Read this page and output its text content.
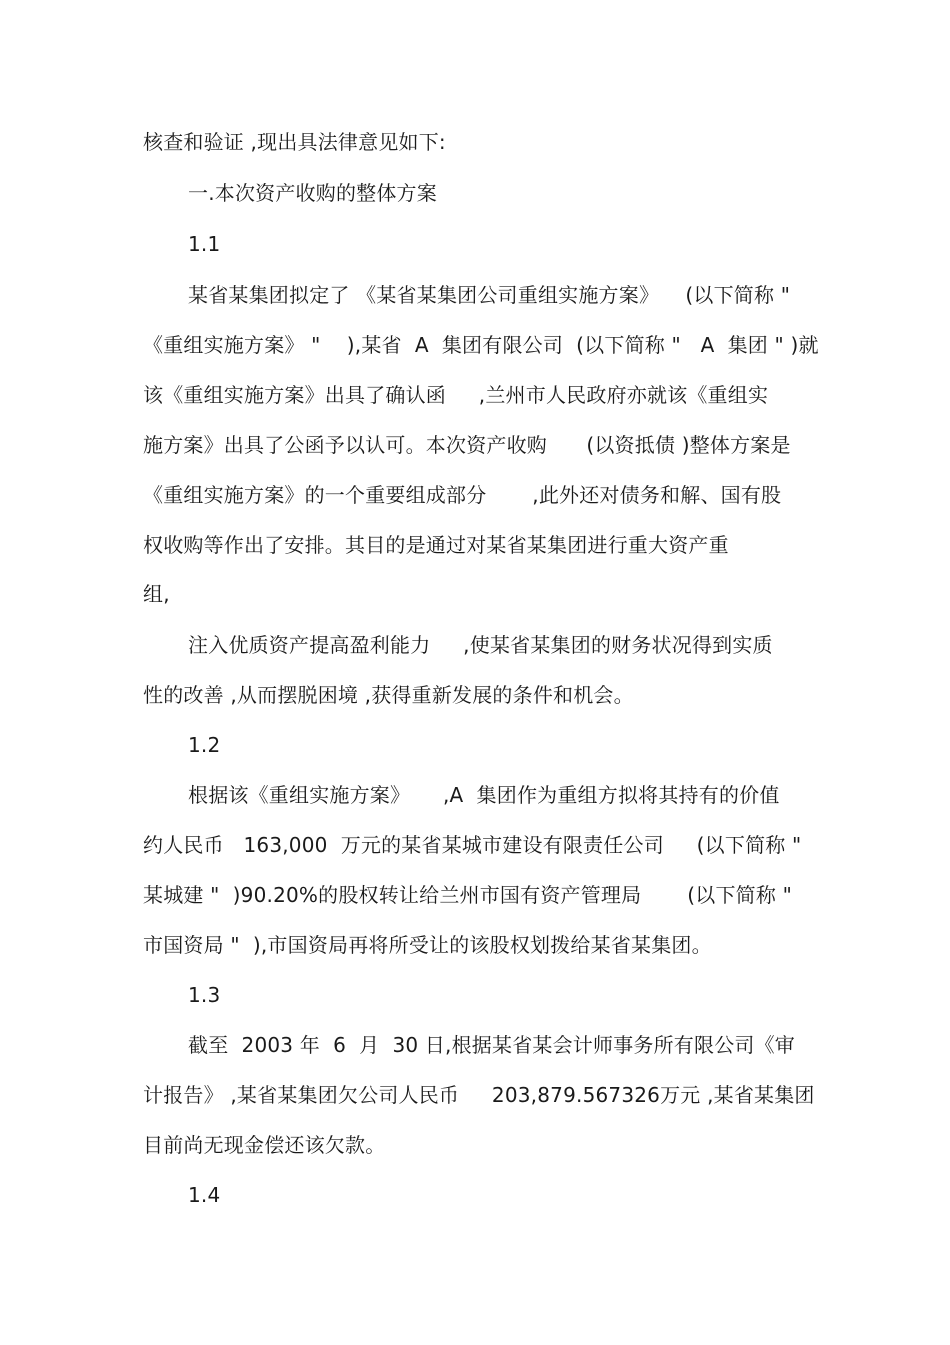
核查和验证 ,现出具法律意见如下:
一.本次资产收购的整体方案
1.1
某省某集团拟定了 《某省某集团公司重组实施方案》    (以下简称 "
《重组实施方案》 "    ),某省  A  集团有限公司  (以下简称 "   A  集团 " )就
该《重组实施方案》出具了确认函     ,兰州市人民政府亦就该《重组实
施方案》出具了公函予以认可。本次资产收购      (以资抵债 )整体方案是
《重组实施方案》的一个重要组成部分       ,此外还对债务和解、国有股
权收购等作出了安排。其目的是通过对某省某集团进行重大资产重
组,
注入优质资产提高盈利能力     ,使某省某集团的财务状况得到实质
性的改善 ,从而摆脱困境 ,获得重新发展的条件和机会。
1.2
根据该《重组实施方案》     ,A  集团作为重组方拟将其持有的价值
约人民币   163,000  万元的某省某城市建设有限责任公司     (以下简称 "
某城建 "  )90.20%的股权转让给兰州市国有资产管理局       (以下简称 "
市国资局 "  ),市国资局再将所受让的该股权划拨给某省某集团。
1.3
截至  2003 年  6  月  30 日,根据某省某会计师事务所有限公司《审
计报告》 ,某省某集团欠公司人民币     203,879.567326万元 ,某省某集团
目前尚无现金偿还该欠款。
1.4
